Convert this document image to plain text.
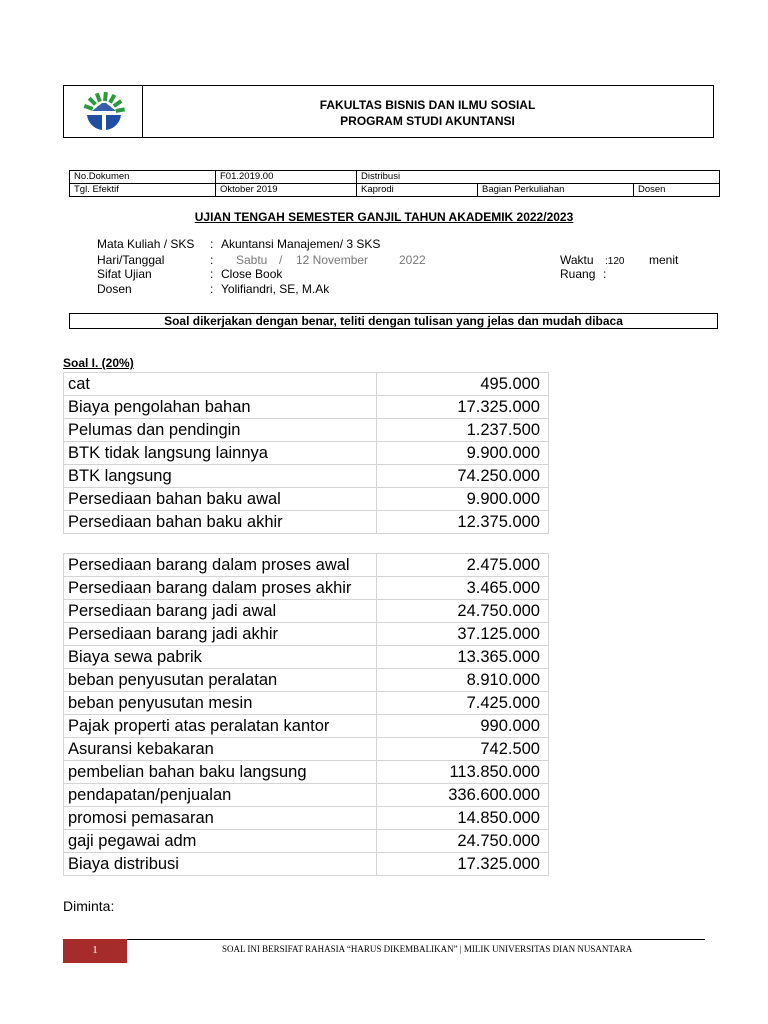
FAKULTAS BISNIS DAN ILMU SOSIAL
PROGRAM STUDI AKUNTANSI
No.Dokumen	F01.2019.00	Distribusi		
Tgl. Efektif	Oktober 2019	Kaprodi	Bagian Perkuliahan	Dosen
UJIAN TENGAH SEMESTER GANJIL TAHUN AKADEMIK 2022/2023
Mata Kuliah / SKS : Akuntansi Manajemen/ 3 SKS
Hari/Tanggal	: Sabtu / 12 November	2022
Sifat Ujian	: Close Book
Dosen	: Yolifiandri, SE, M.Ak
Waktu :120 menit
Ruang :
Soal dikerjakan dengan benar, teliti dengan tulisan yang jelas dan mudah dibaca
Soal I. (20%)
cat	495.000
Biaya pengolahan bahan	17.325.000
Pelumas dan pendingin	1.237.500
BTK tidak langsung lainnya	9.900.000
BTK langsung	74.250.000
Persediaan bahan baku awal	9.900.000
Persediaan bahan baku akhir	12.375.000
Persediaan barang dalam proses awal	2.475.000
Persediaan barang dalam proses akhir	3.465.000
Persediaan barang jadi awal	24.750.000
Persediaan barang jadi akhir	37.125.000
Biaya sewa pabrik	13.365.000
beban penyusutan peralatan	8.910.000
beban penyusutan mesin	7.425.000
Pajak properti atas peralatan kantor	990.000
Asuransi kebakaran	742.500
pembelian bahan baku langsung	113.850.000
pendapatan/penjualan	336.600.000
promosi pemasaran	14.850.000
gaji pegawai adm	24.750.000
Biaya distribusi	17.325.000
Diminta:
1	SOAL INI BERSIFAT RAHASIA “HARUS DIKEMBALIKAN” | MILIK UNIVERSITAS DIAN NUSANTARA
